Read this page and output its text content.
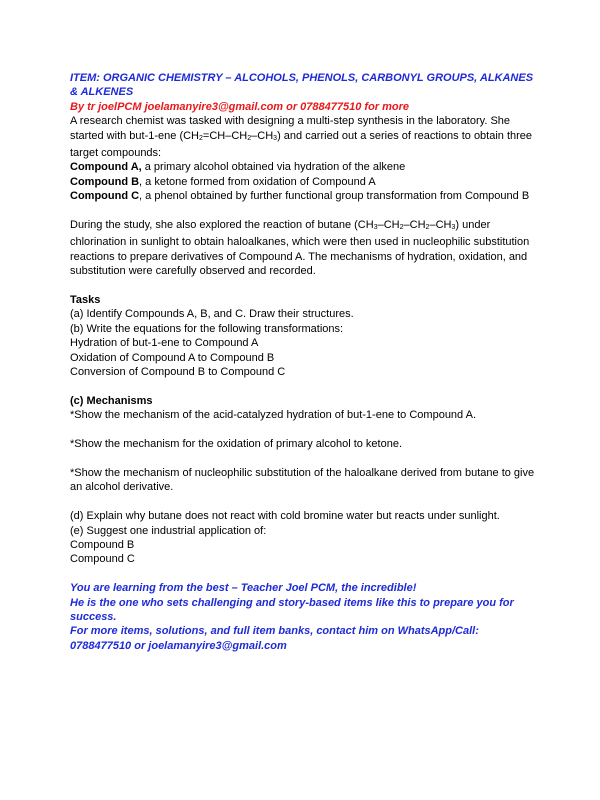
ITEM: ORGANIC CHEMISTRY – ALCOHOLS, PHENOLS, CARBONYL GROUPS, ALKANES
& ALKENES
By tr joelPCM joelamanyire3@gmail.com or 0788477510 for more
A research chemist was tasked with designing a multi-step synthesis in the laboratory. She
started with but-1-ene (CH2=CH–CH2–CH3) and carried out a series of reactions to obtain three
target compounds:
Compound A, a primary alcohol obtained via hydration of the alkene
Compound B, a ketone formed from oxidation of Compound A
Compound C, a phenol obtained by further functional group transformation from Compound B
During the study, she also explored the reaction of butane (CH3–CH2–CH2–CH3) under
chlorination in sunlight to obtain haloalkanes, which were then used in nucleophilic substitution
reactions to prepare derivatives of Compound A. The mechanisms of hydration, oxidation, and
substitution were carefully observed and recorded.
Tasks
(a) Identify Compounds A, B, and C. Draw their structures.
(b) Write the equations for the following transformations:
Hydration of but-1-ene to Compound A
Oxidation of Compound A to Compound B
Conversion of Compound B to Compound C
(c) Mechanisms
*Show the mechanism of the acid-catalyzed hydration of but-1-ene to Compound A.
*Show the mechanism for the oxidation of primary alcohol to ketone.
*Show the mechanism of nucleophilic substitution of the haloalkane derived from butane to give
an alcohol derivative.
(d) Explain why butane does not react with cold bromine water but reacts under sunlight.
(e) Suggest one industrial application of:
Compound B
Compound C
You are learning from the best – Teacher Joel PCM, the incredible!
He is the one who sets challenging and story-based items like this to prepare you for
success.
For more items, solutions, and full item banks, contact him on WhatsApp/Call:
0788477510 or joelamanyire3@gmail.com
